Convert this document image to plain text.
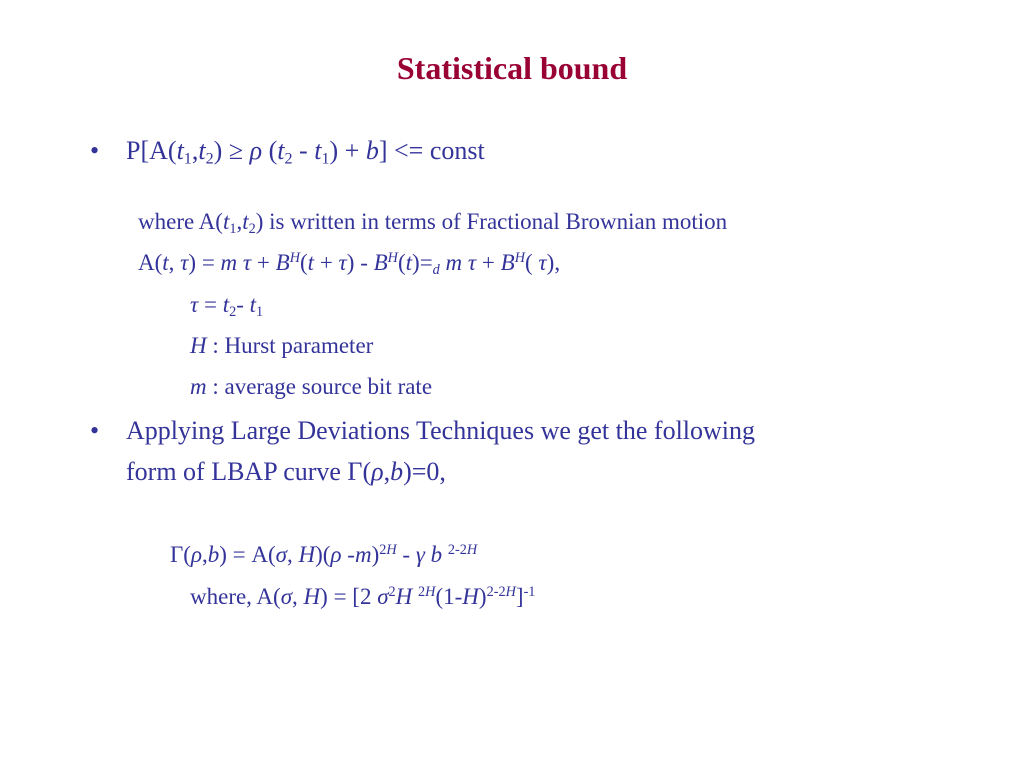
Statistical bound
• $P[A(t_1,t_2) \ge \rho$ $(t_2 - t_1) + b$] <= const
where $A(t_1,t_2)$ is written in terms of Fractional Brownian motion
A(t, τ) = m $\tau + B^H(t + \tau) - B^H(t)=_d$ m $\tau + B^H$( τ),
$\tau = t_2-$ $t_1$
H : Hurst parameter
m : average source bit rate
• Applying Large Deviations Techniques we get the following
form of LBAP curve Γ(ρ,b)=0,
Γ(ρ,b) = A(σ, H)(ρ -m)$^{2H}$ - γ b $^{2-2H}$
where, A(σ, H) = [2 $\sigma^2H$ $^{2H}(1-H)^{2-2H}]^{-1}$
